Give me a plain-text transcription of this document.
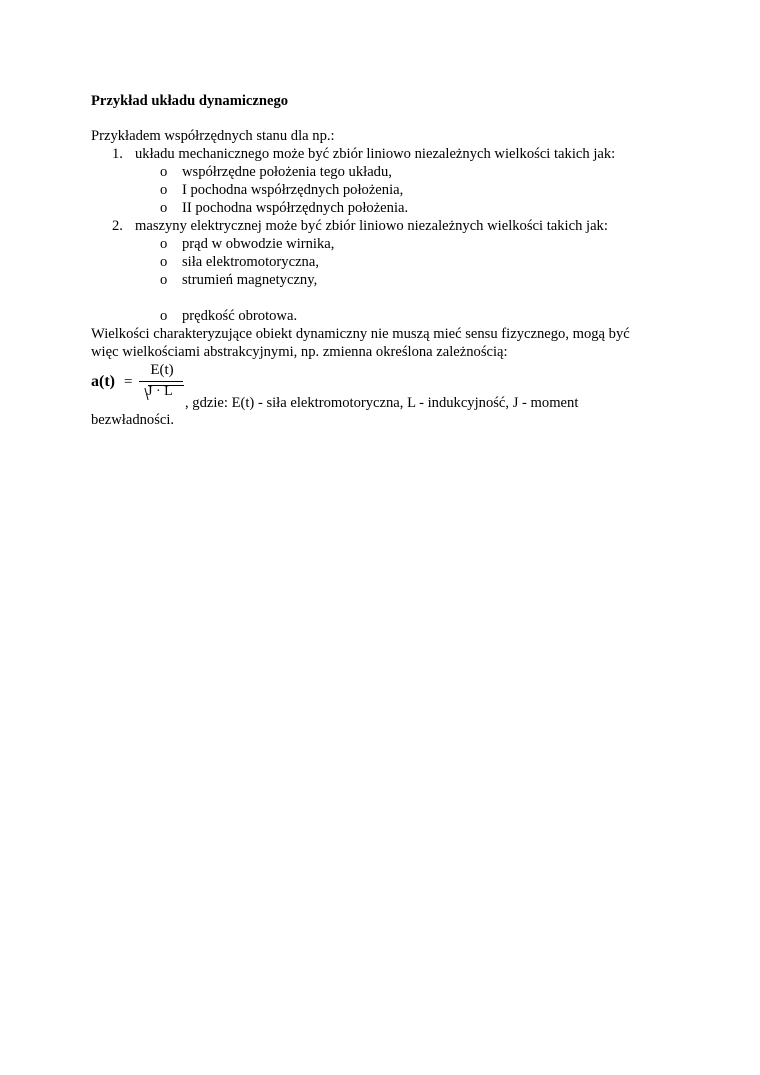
Przykład układu dynamicznego
Przykładem współrzędnych stanu dla np.:
1. układu mechanicznego może być zbiór liniowo niezależnych wielkości takich jak:
o współrzędne położenia tego układu,
o I pochodna współrzędnych położenia,
o II pochodna współrzędnych położenia.
2. maszyny elektrycznej może być zbiór liniowo niezależnych wielkości takich jak:
o prąd w obwodzie wirnika,
o siła elektromotoryczna,
o strumień magnetyczny,
o prędkość obrotowa.
Wielkości charakteryzujące obiekt dynamiczny nie muszą mieć sensu fizycznego, mogą być
więc wielkościami abstrakcyjnymi, np. zmienna określona zależnością:
a(t) =
E(t)
J · L
, gdzie: E(t) - siła elektromotoryczna, L - indukcyjność, J - moment
bezwładności.
